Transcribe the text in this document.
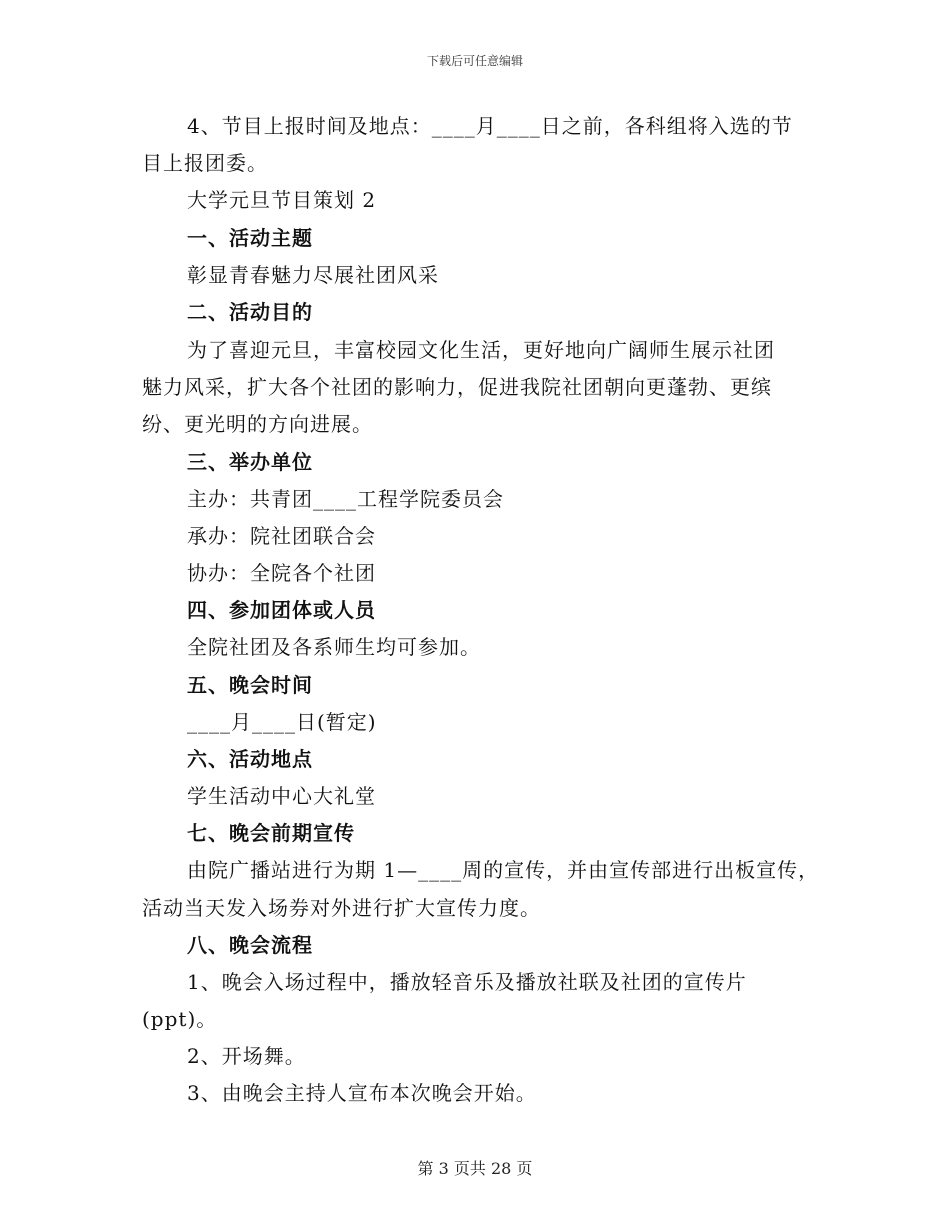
下载后可任意编辑
4、节目上报时间及地点：____月____日之前，各科组将入选的节
目上报团委。
大学元旦节目策划 2
一、活动主题
彰显青春魅力尽展社团风采
二、活动目的
为了喜迎元旦，丰富校园文化生活，更好地向广阔师生展示社团
魅力风采，扩大各个社团的影响力，促进我院社团朝向更蓬勃、更缤
纷、更光明的方向进展。
三、举办单位
主办：共青团____工程学院委员会
承办：院社团联合会
协办：全院各个社团
四、参加团体或人员
全院社团及各系师生均可参加。
五、晚会时间
____月____日(暂定)
六、活动地点
学生活动中心大礼堂
七、晚会前期宣传
由院广播站进行为期 1—____周的宣传，并由宣传部进行出板宣传，
活动当天发入场券对外进行扩大宣传力度。
八、晚会流程
1、晚会入场过程中，播放轻音乐及播放社联及社团的宣传片
(ppt)。
2、开场舞。
3、由晚会主持人宣布本次晚会开始。
第 3 页共 28 页
